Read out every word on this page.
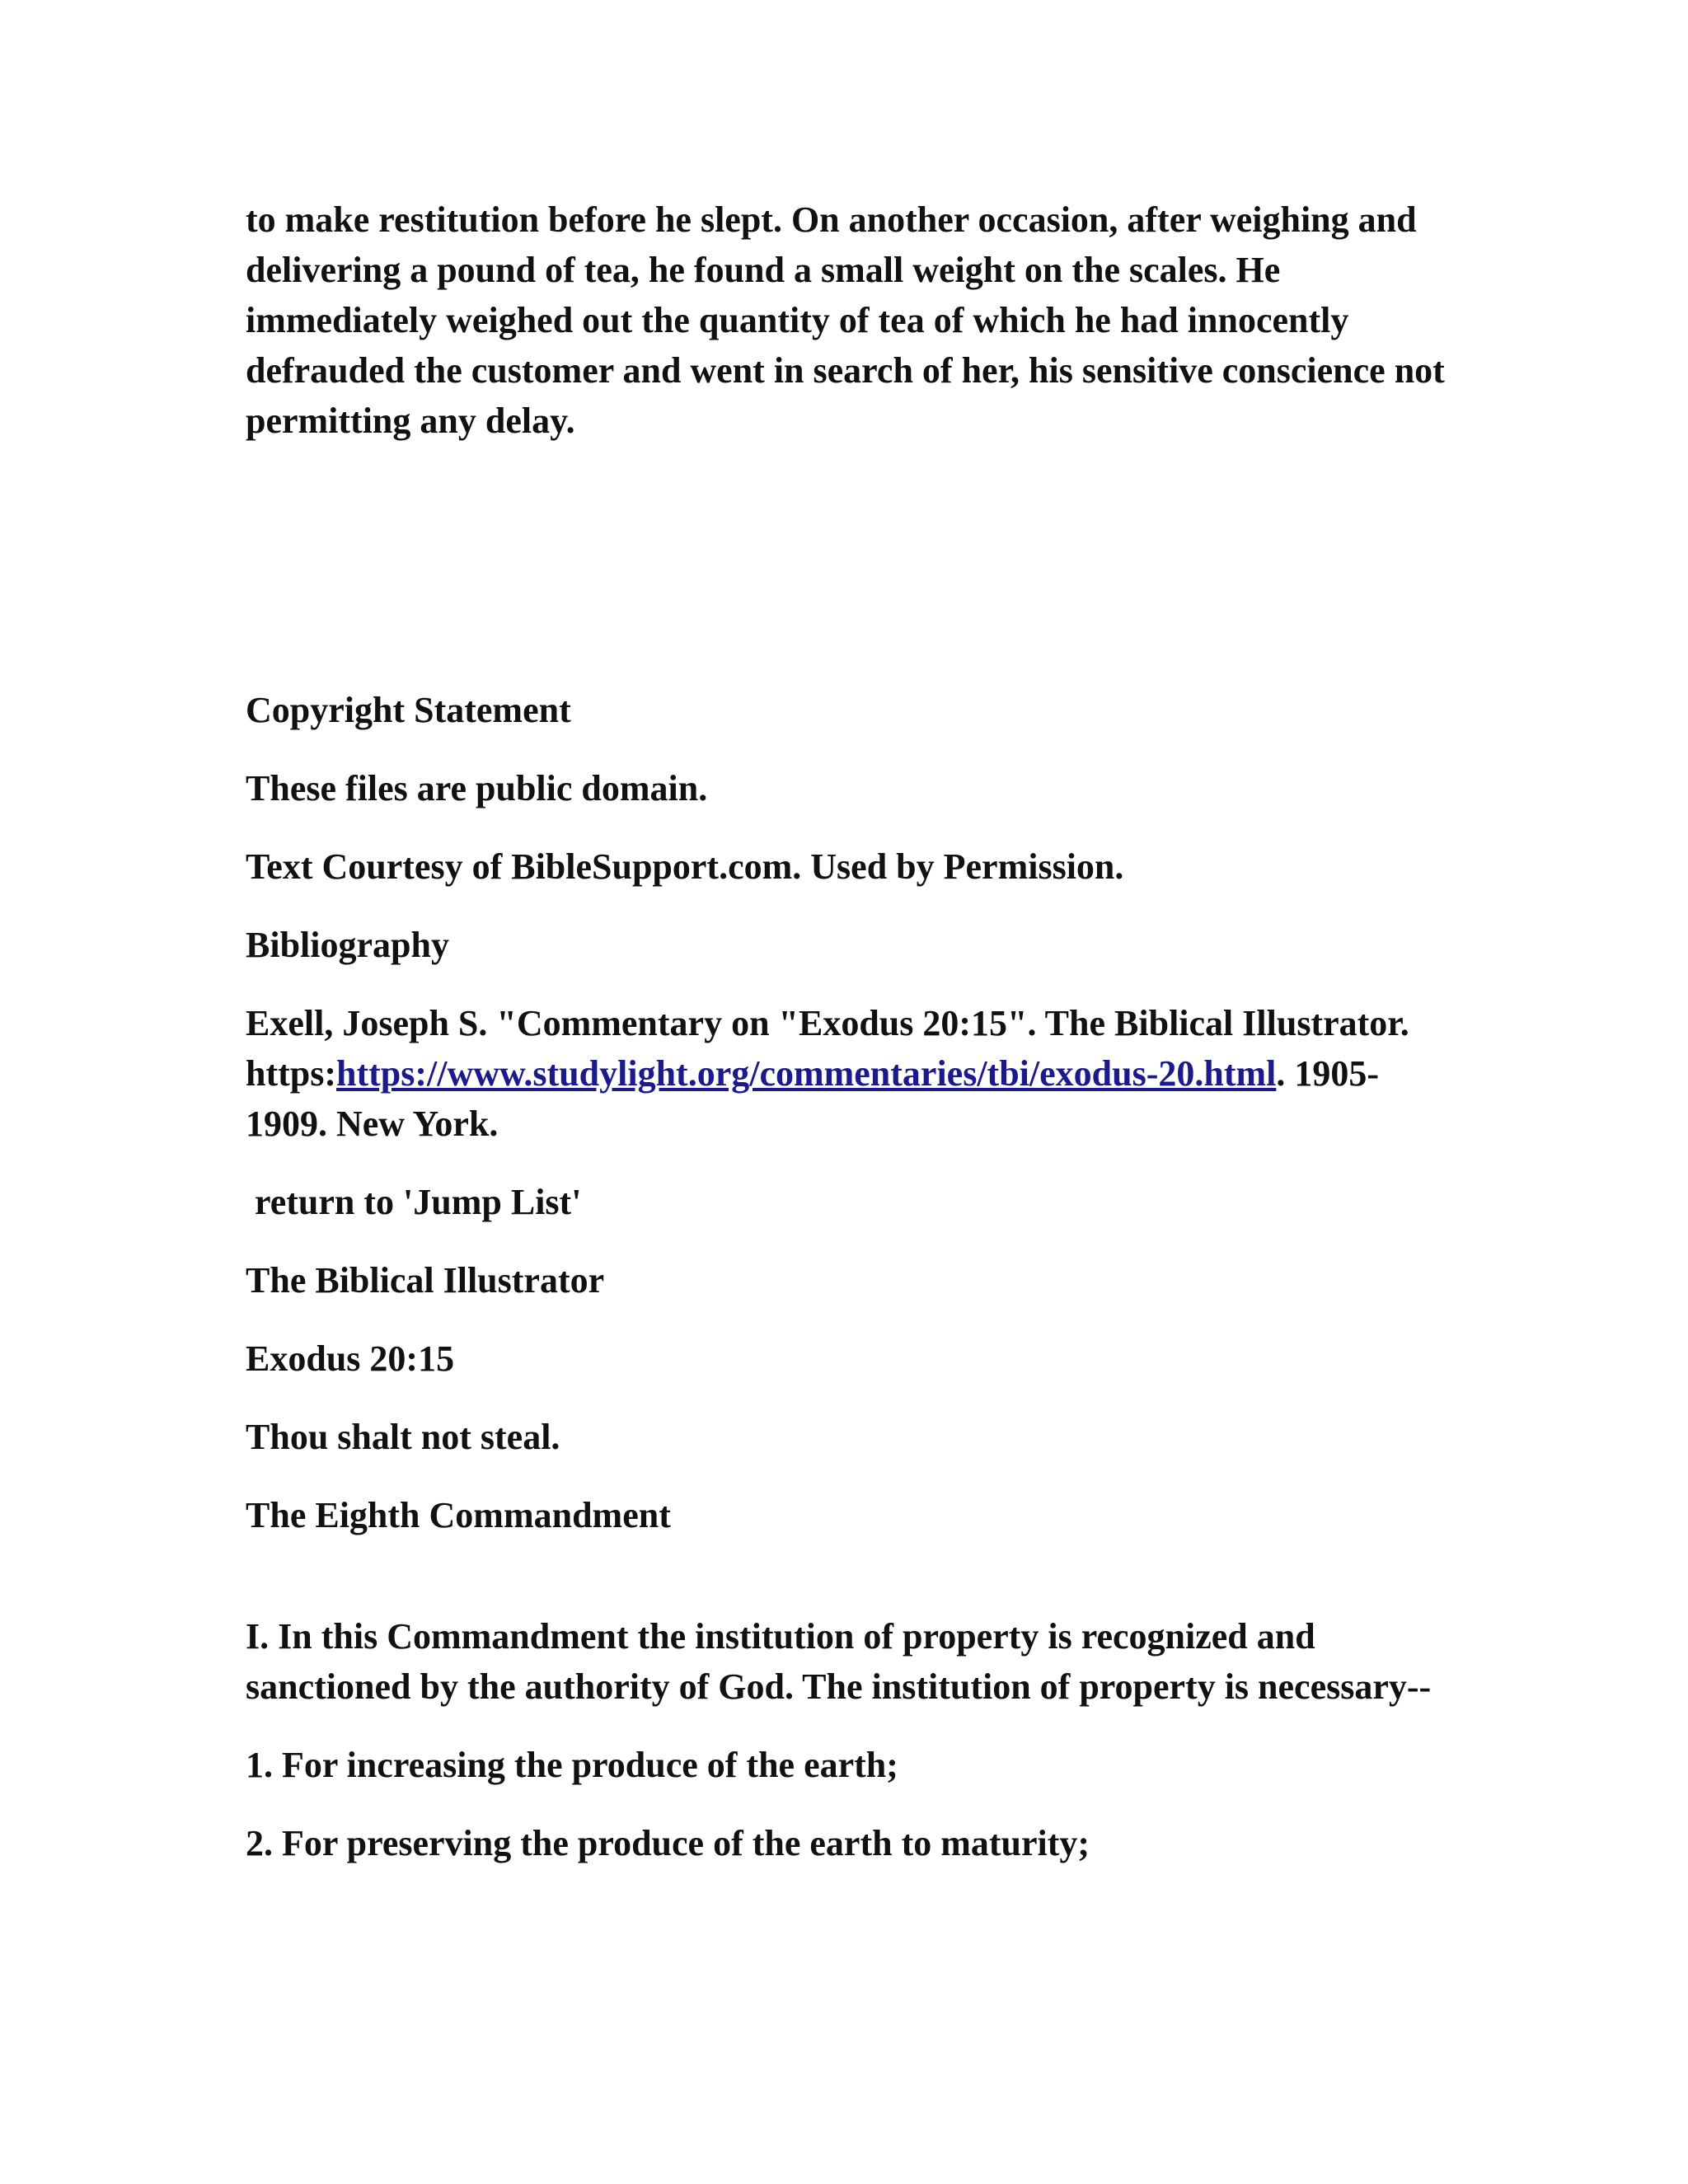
to make restitution before he slept. On another occasion, after weighing and delivering a pound of tea, he found a small weight on the scales. He immediately weighed out the quantity of tea of which he had innocently defrauded the customer and went in search of her, his sensitive conscience not permitting any delay.

Copyright Statement

These files are public domain.

Text Courtesy of BibleSupport.com. Used by Permission.

Bibliography

Exell, Joseph S. "Commentary on "Exodus 20:15". The Biblical Illustrator. https:https://www.studylight.org/commentaries/tbi/exodus-20.html. 1905-1909. New York.

return to 'Jump List'

The Biblical Illustrator

Exodus 20:15

Thou shalt not steal.

The Eighth Commandment

I. In this Commandment the institution of property is recognized and sanctioned by the authority of God. The institution of property is necessary--

1. For increasing the produce of the earth;

2. For preserving the produce of the earth to maturity;
